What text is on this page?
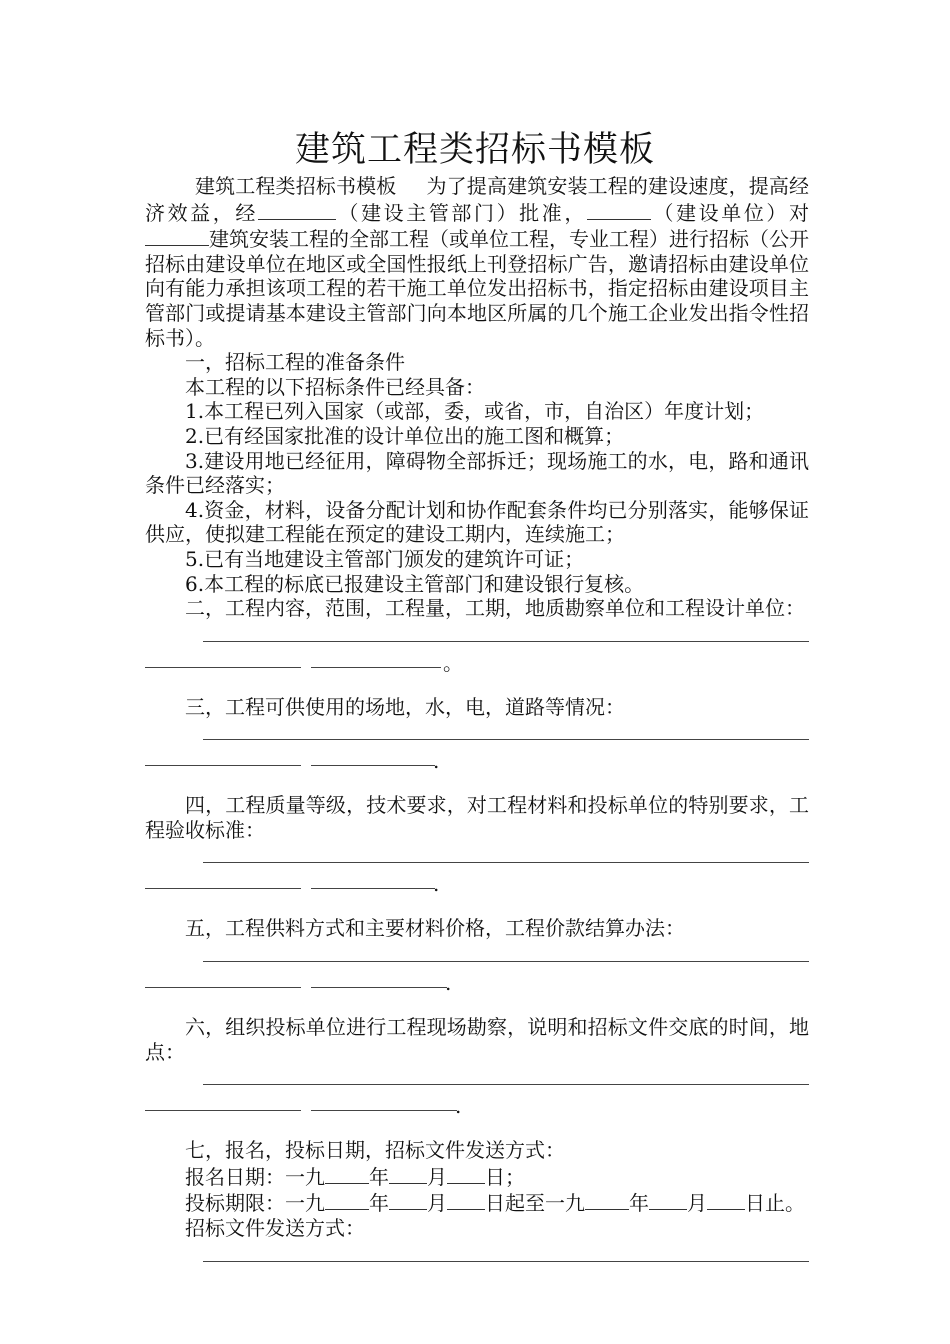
建筑工程类招标书模板

建筑工程类招标书模板 为了提高建筑安装工程的建设速度，提高经济效益，经	（建设主管部门）批准，	（建设单位）对建筑安装工程的全部工程（或单位工程，专业工程）进行招标（公开招标由建设单位在地区或全国性报纸上刊登招标广告，邀请招标由建设单位向有能力承担该项工程的若干施工单位发出招标书，指定招标由建设项目主管部门或提请基本建设主管部门向本地区所属的几个施工企业发出指令性招标书）。

一，招标工程的准备条件

本工程的以下招标条件已经具备：

1.本工程已列入国家（或部，委，或省，市，自治区）年度计划；

2.已有经国家批准的设计单位出的施工图和概算；

3.建设用地已经征用，障碍物全部拆迁；现场施工的水，电，路和通讯条件已经落实；

4.资金，材料，设备分配计划和协作配套条件均已分别落实，能够保证供应，使拟建工程能在预定的建设工期内，连续施工；

5.已有当地建设主管部门颁发的建筑许可证；

6.本工程的标底已报建设主管部门和建设银行复核。

二，工程内容，范围，工程量，工期，地质勘察单位和工程设计单位：

。

三，工程可供使用的场地，水，电，道路等情况：

.

四，工程质量等级，技术要求，对工程材料和投标单位的特别要求，工程验收标准：

.

五，工程供料方式和主要材料价格，工程价款结算办法：

.

六，组织投标单位进行工程现场勘察，说明和招标文件交底的时间，地点：

.

七，报名，投标日期，招标文件发送方式：

报名日期：一九 年 月 日；

投标期限：一九 年 月 日起至一九 年 月 日止。

招标文件发送方式：
